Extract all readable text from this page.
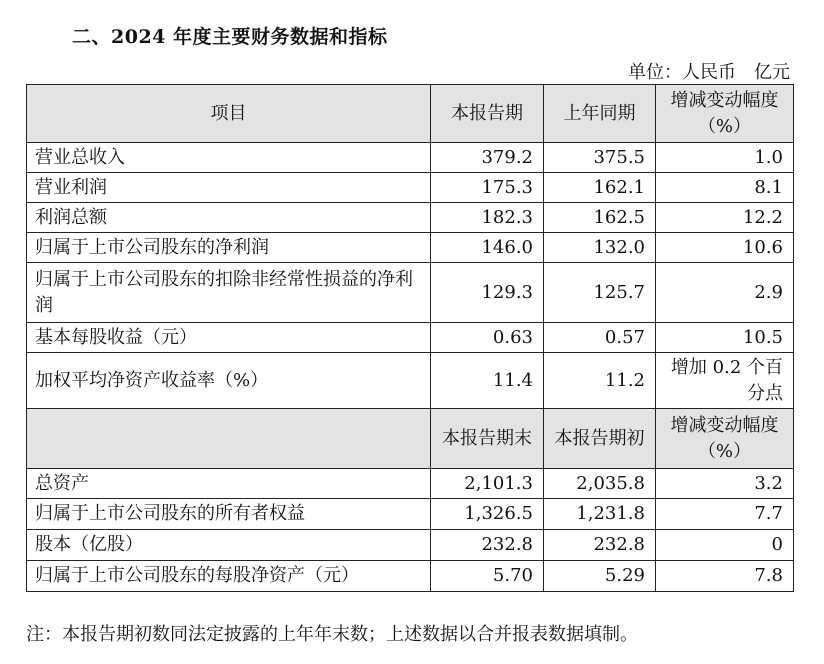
二、2024 年度主要财务数据和指标
单位：人民币　亿元
项目	本报告期	上年同期	增减变动幅度（%）
营业总收入	379.2	375.5	1.0
营业利润	175.3	162.1	8.1
利润总额	182.3	162.5	12.2
归属于上市公司股东的净利润	146.0	132.0	10.6
归属于上市公司股东的扣除非经常性损益的净利润	129.3	125.7	2.9
基本每股收益（元）	0.63	0.57	10.5
加权平均净资产收益率（%）	11.4	11.2	增加 0.2 个百分点
	本报告期末	本报告期初	增减变动幅度（%）
总资产	2,101.3	2,035.8	3.2
归属于上市公司股东的所有者权益	1,326.5	1,231.8	7.7
股本（亿股）	232.8	232.8	0
归属于上市公司股东的每股净资产（元）	5.70	5.29	7.8
注：本报告期初数同法定披露的上年年末数；上述数据以合并报表数据填制。
